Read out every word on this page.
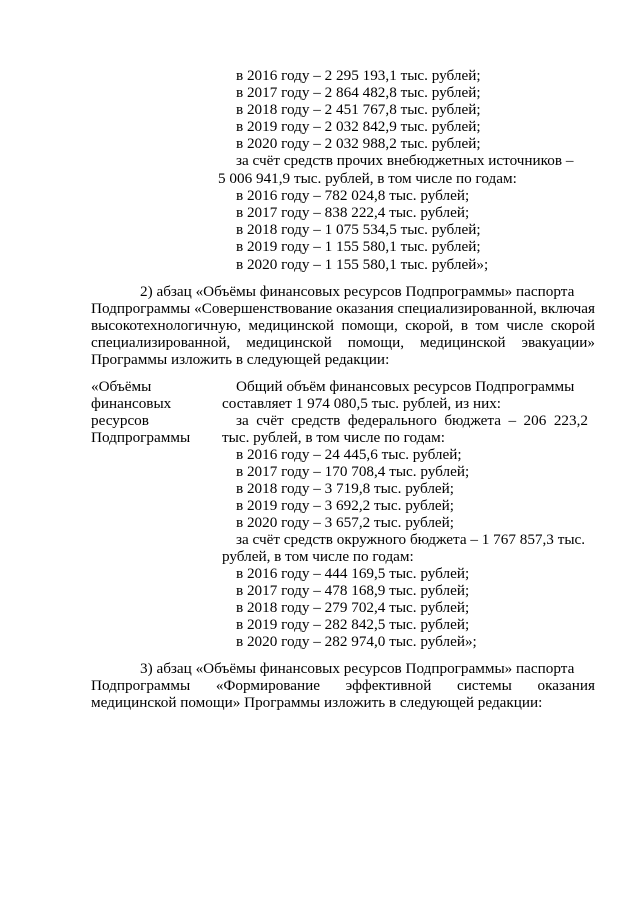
в 2016 году – 2 295 193,1 тыс. рублей;
в 2017 году – 2 864 482,8 тыс. рублей;
в 2018 году – 2 451 767,8 тыс. рублей;
в 2019 году – 2 032 842,9 тыс. рублей;
в 2020 году – 2 032 988,2 тыс. рублей;
за счёт средств прочих внебюджетных источников –
5 006 941,9 тыс. рублей, в том числе по годам:
в 2016 году – 782 024,8 тыс. рублей;
в 2017 году – 838 222,4 тыс. рублей;
в 2018 году – 1 075 534,5 тыс. рублей;
в 2019 году – 1 155 580,1 тыс. рублей;
в 2020 году – 1 155 580,1 тыс. рублей»;
2) абзац «Объёмы финансовых ресурсов Подпрограммы» паспорта
Подпрограммы «Совершенствование оказания специализированной, включая
высокотехнологичную, медицинской помощи, скорой, в том числе скорой
специализированной, медицинской помощи, медицинской эвакуации»
Программы изложить в следующей редакции:
«Объёмы
финансовых
ресурсов
Подпрограммы
Общий объём финансовых ресурсов Подпрограммы
составляет 1 974 080,5 тыс. рублей, из них:
за счёт средств федерального бюджета – 206 223,2
тыс. рублей, в том числе по годам:
в 2016 году – 24 445,6 тыс. рублей;
в 2017 году – 170 708,4 тыс. рублей;
в 2018 году – 3 719,8 тыс. рублей;
в 2019 году – 3 692,2 тыс. рублей;
в 2020 году – 3 657,2 тыс. рублей;
за счёт средств окружного бюджета – 1 767 857,3 тыс.
рублей, в том числе по годам:
в 2016 году – 444 169,5 тыс. рублей;
в 2017 году – 478 168,9 тыс. рублей;
в 2018 году – 279 702,4 тыс. рублей;
в 2019 году – 282 842,5 тыс. рублей;
в 2020 году – 282 974,0 тыс. рублей»;
3) абзац «Объёмы финансовых ресурсов Подпрограммы» паспорта
Подпрограммы «Формирование эффективной системы оказания
медицинской помощи» Программы изложить в следующей редакции:
